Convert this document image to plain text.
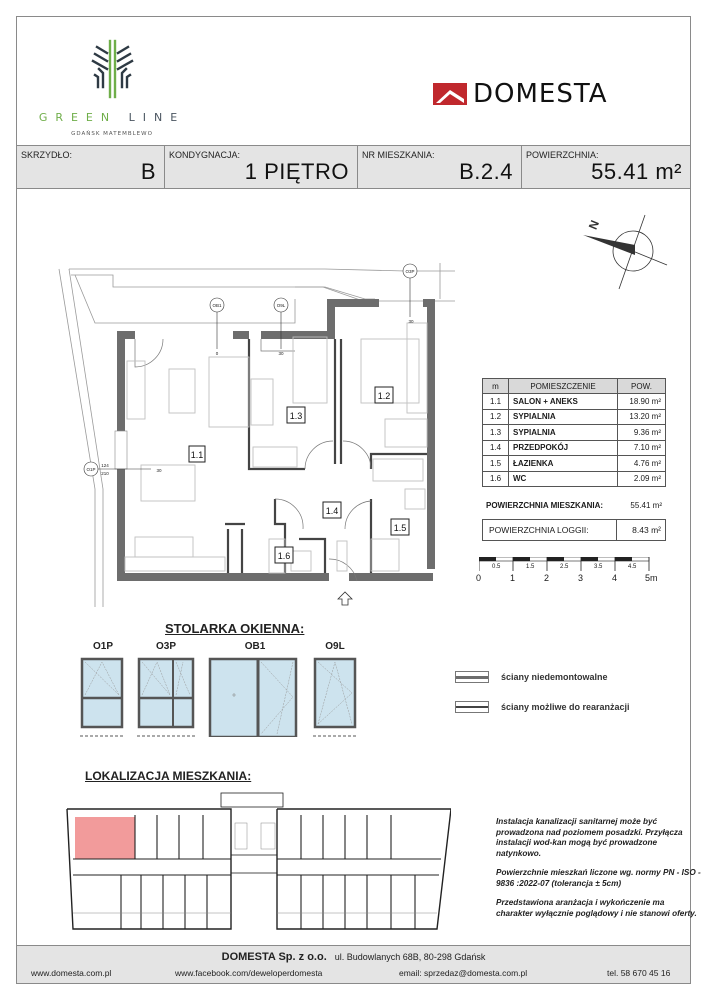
GREEN LINE
GDAŃSK MATEMBLEWO
DOMESTA
SKRZYDŁO:
B
KONDYGNACJA:
1 PIĘTRO
NR MIESZKANIA:
B.2.4
POWIERZCHNIA:
55.41 m²
1.1
1.2
1.3
1.4
1.5
1.6
OB1	O9L
O3P
O1P
0	30
30
30
124
210
N
m	POMIESZCZENIE	POW.
1.1	SALON + ANEKS	18.90 m²
1.2	SYPIALNIA	13.20 m²
1.3	SYPIALNIA	9.36 m²
1.4	PRZEDPOKÓJ	7.10 m²
1.5	ŁAZIENKA	4.76 m²
1.6	WC	2.09 m²
POWIERZCHNIA MIESZKANIA:	55.41 m²
POWIERZCHNIA LOGGII:	8.43 m²
0	1	2	3	4	5m
0.5	1.5	2.5	3.5	4.5
STOLARKA OKIENNA:
O1P	O3P	OB1	O9L
ściany niedemontowalne
ściany możliwe do rearanżacji
LOKALIZACJA MIESZKANIA:

Instalacja kanalizacji sanitarnej może być prowadzona nad poziomem posadzki. Przyłącza instalacji wod-kan mogą być prowadzone natynkowo.

Powierzchnie mieszkań liczone wg. normy PN - ISO - 9836 :2022-07 (tolerancja ± 5cm)

Przedstawiona aranżacja i wykończenie ma charakter wyłącznie poglądowy i nie stanowi oferty.

DOMESTA Sp. z o.o. ul. Budowlanych 68B, 80-298 Gdańsk
www.domesta.com.pl	www.facebook.com/deweloperdomesta	email: sprzedaz@domesta.com.pl	tel. 58 670 45 16
